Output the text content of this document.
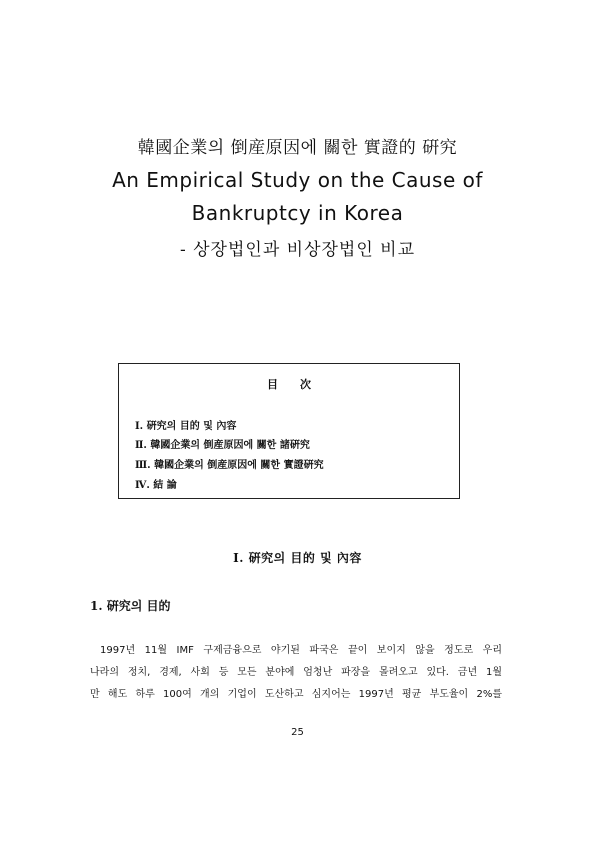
韓國企業의 倒産原因에 關한 實證的 硏究
An Empirical Study on the Cause of
Bankruptcy in Korea
- 상장법인과 비상장법인 비교
目次
Ⅰ. 硏究의 目的 및 內容
Ⅱ. 韓國企業의 倒産原因에 關한 諸硏究
Ⅲ. 韓國企業의 倒産原因에 關한 實證硏究
Ⅳ. 結 論
Ⅰ. 硏究의 目的 및 內容
1. 硏究의 目的
1997년 11월 IMF 구제금융으로 야기된 파국은 끝이 보이지 않을 정도로 우리
나라의 정치, 경제, 사회 등 모든 분야에 엄청난 파장을 몰려오고 있다. 금년 1월
만 해도 하루 100여 개의 기업이 도산하고 심지어는 1997년 평균 부도율이 2%를
25
